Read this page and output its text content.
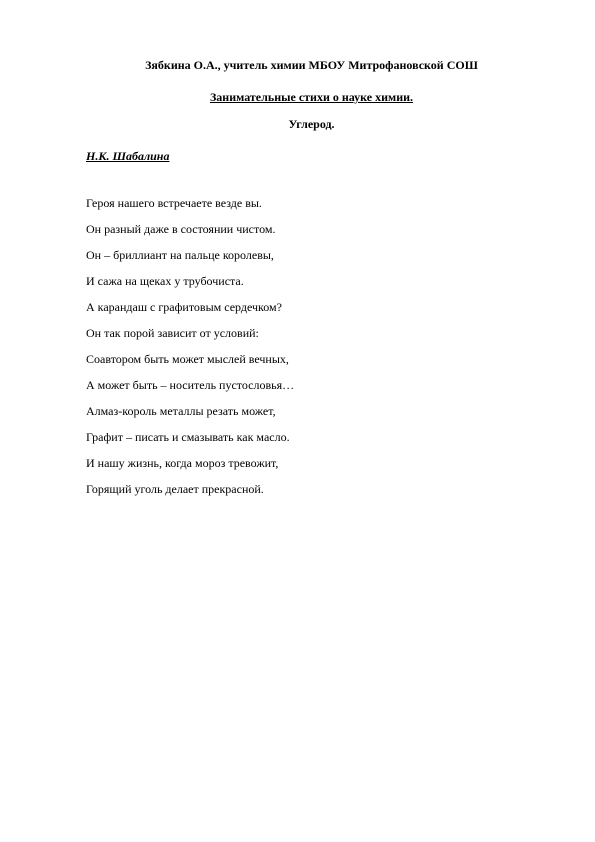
Зябкина О.А., учитель химии МБОУ Митрофановской СОШ
Занимательные стихи о науке химии.
Углерод.
Н.К. Шабалина
Героя нашего встречаете везде вы.
Он разный даже в состоянии чистом.
Он – бриллиант на пальце королевы,
И сажа на щеках у трубочиста.
А карандаш с графитовым сердечком?
Он так порой зависит от условий:
Соавтором быть может мыслей вечных,
А может быть – носитель пустословья…
Алмаз-король металлы резать может,
Графит – писать и смазывать как масло.
И нашу жизнь, когда мороз тревожит,
Горящий уголь делает прекрасной.
